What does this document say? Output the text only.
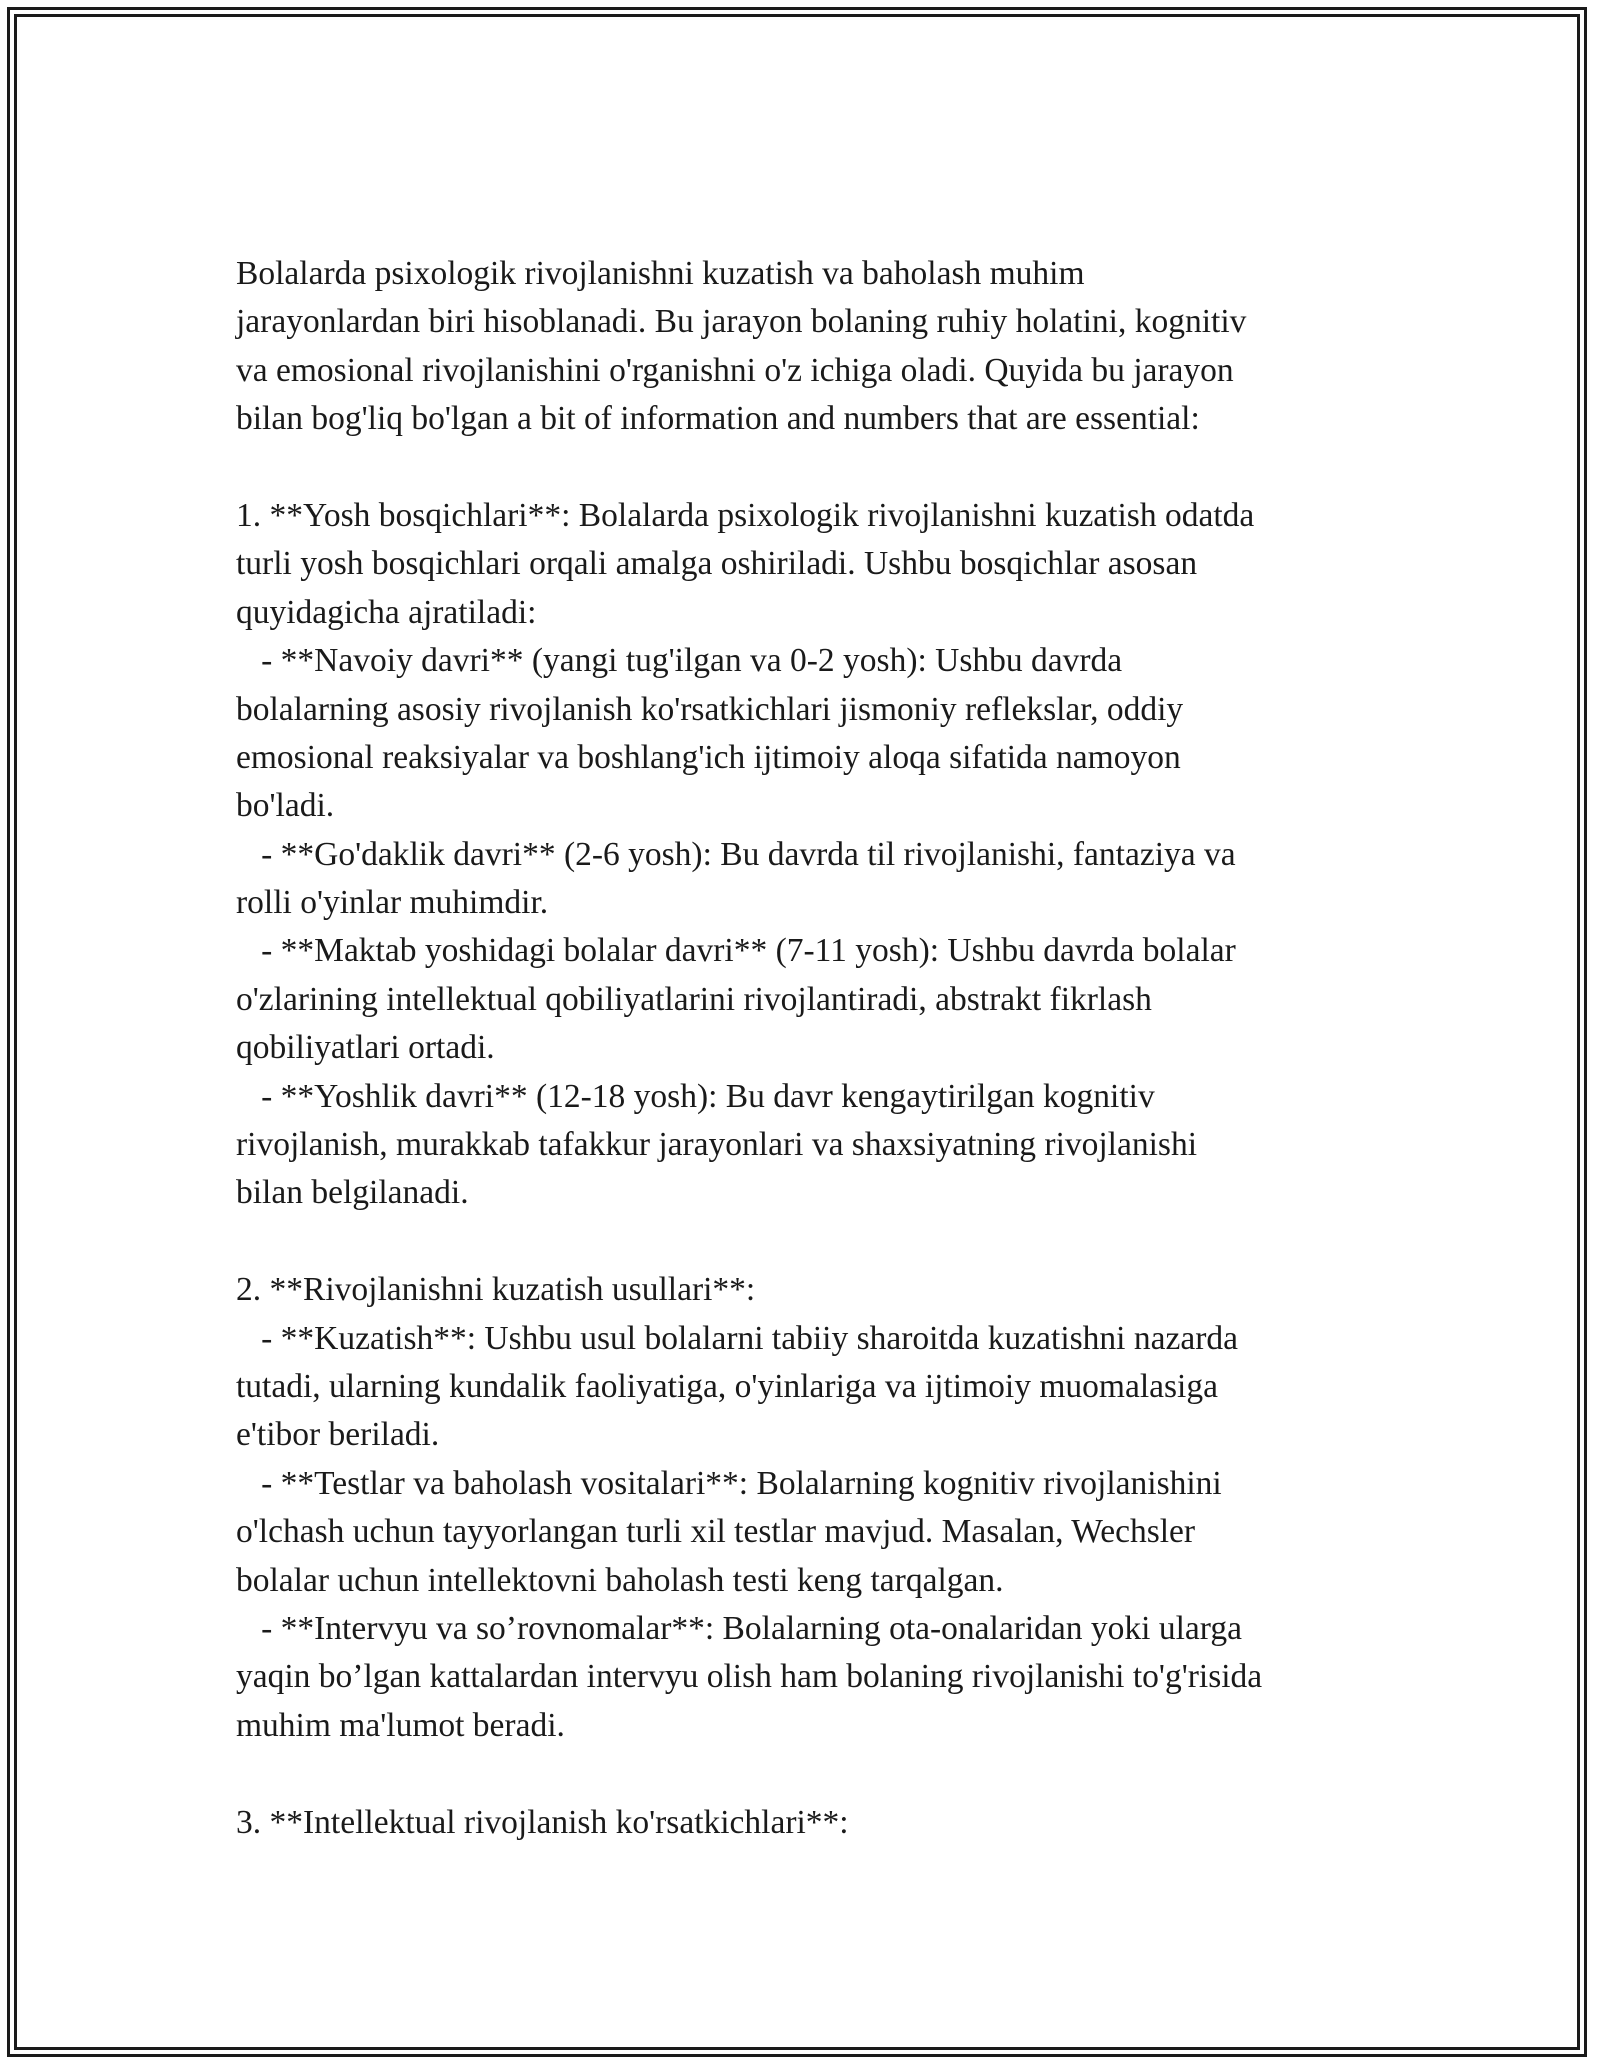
Bolalarda psixologik rivojlanishni kuzatish va baholash muhim
jarayonlardan biri hisoblanadi. Bu jarayon bolaning ruhiy holatini, kognitiv
va emosional rivojlanishini o'rganishni o'z ichiga oladi. Quyida bu jarayon
bilan bog'liq bo'lgan a bit of information and numbers that are essential:
1. **Yosh bosqichlari**: Bolalarda psixologik rivojlanishni kuzatish odatda
turli yosh bosqichlari orqali amalga oshiriladi. Ushbu bosqichlar asosan
quyidagicha ajratiladi:
- **Navoiy davri** (yangi tug'ilgan va 0-2 yosh): Ushbu davrda
bolalarning asosiy rivojlanish ko'rsatkichlari jismoniy reflekslar, oddiy
emosional reaksiyalar va boshlang'ich ijtimoiy aloqa sifatida namoyon
bo'ladi.
- **Go'daklik davri** (2-6 yosh): Bu davrda til rivojlanishi, fantaziya va
rolli o'yinlar muhimdir.
- **Maktab yoshidagi bolalar davri** (7-11 yosh): Ushbu davrda bolalar
o'zlarining intellektual qobiliyatlarini rivojlantiradi, abstrakt fikrlash
qobiliyatlari ortadi.
- **Yoshlik davri** (12-18 yosh): Bu davr kengaytirilgan kognitiv
rivojlanish, murakkab tafakkur jarayonlari va shaxsiyatning rivojlanishi
bilan belgilanadi.
2. **Rivojlanishni kuzatish usullari**:
- **Kuzatish**: Ushbu usul bolalarni tabiiy sharoitda kuzatishni nazarda
tutadi, ularning kundalik faoliyatiga, o'yinlariga va ijtimoiy muomalasiga
e'tibor beriladi.
- **Testlar va baholash vositalari**: Bolalarning kognitiv rivojlanishini
o'lchash uchun tayyorlangan turli xil testlar mavjud. Masalan, Wechsler
bolalar uchun intellektovni baholash testi keng tarqalgan.
- **Intervyu va so’rovnomalar**: Bolalarning ota-onalaridan yoki ularga
yaqin bo’lgan kattalardan intervyu olish ham bolaning rivojlanishi to'g'risida
muhim ma'lumot beradi.
3. **Intellektual rivojlanish ko'rsatkichlari**:
